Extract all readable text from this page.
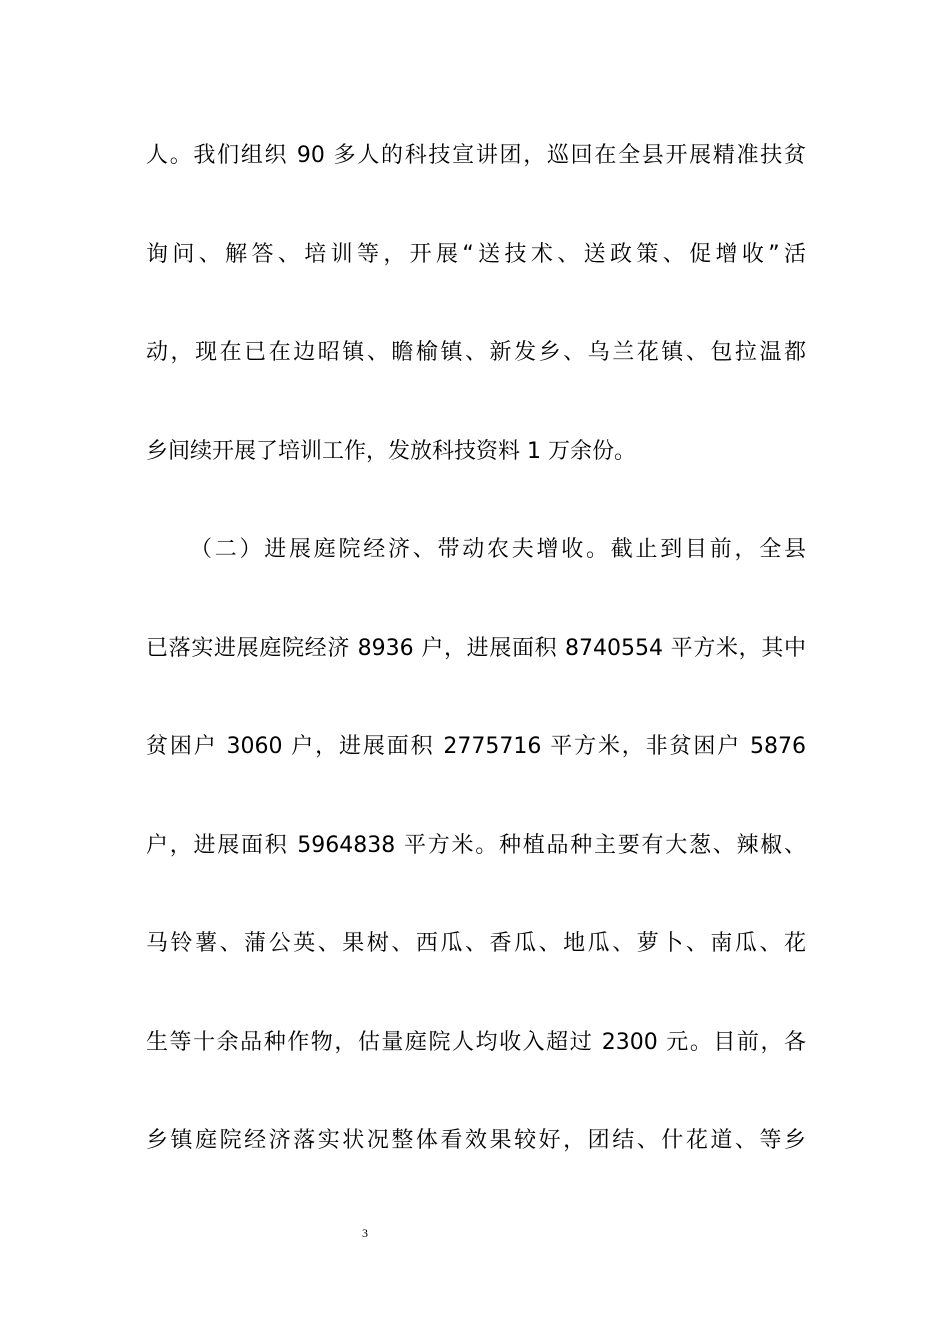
人。我们组织 90 多人的科技宣讲团，巡回在全县开展精准扶贫
询问、解答、培训等，开展“送技术、送政策、促增收”活
动，现在已在边昭镇、瞻榆镇、新发乡、乌兰花镇、包拉温都
乡间续开展了培训工作，发放科技资料 1 万余份。
（二）进展庭院经济、带动农夫增收。截止到目前，全县
已落实进展庭院经济 8936 户，进展面积 8740554 平方米，其中
贫困户 3060 户，进展面积 2775716 平方米，非贫困户 5876
户，进展面积 5964838 平方米。种植品种主要有大葱、辣椒、
马铃薯、蒲公英、果树、西瓜、香瓜、地瓜、萝卜、南瓜、花
生等十余品种作物，估量庭院人均收入超过 2300 元。目前，各
乡镇庭院经济落实状况整体看效果较好，团结、什花道、等乡
3
